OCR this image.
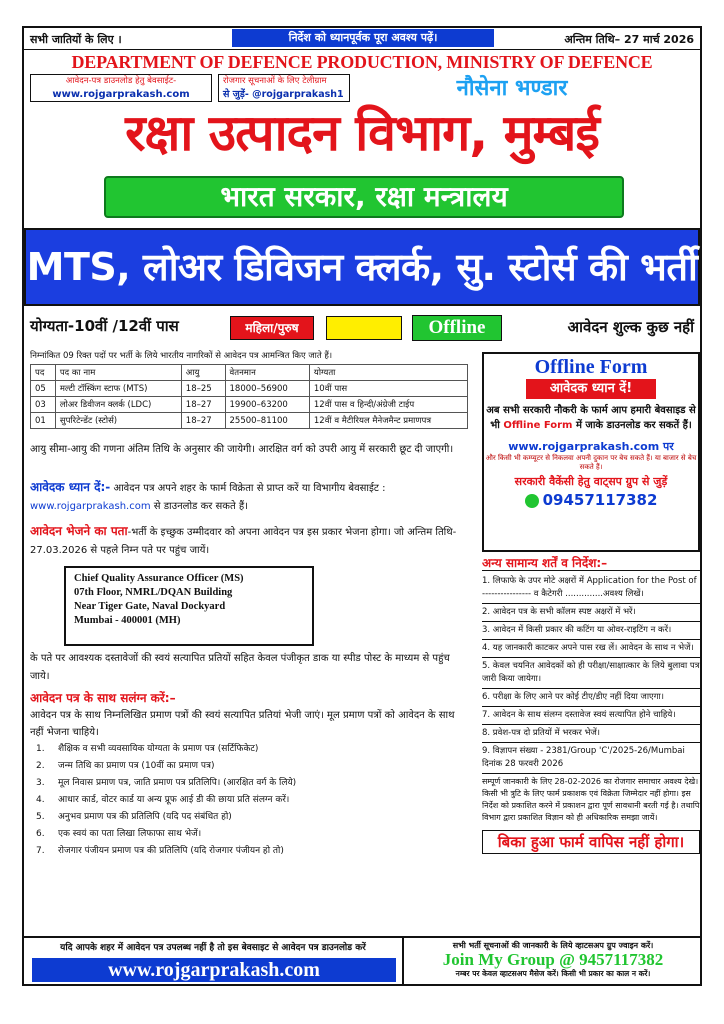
सभी जातियों के लिए ।	निर्देश को ध्यानपूर्वक पूरा अवश्य पढ़ें।	अन्तिम तिथि– 27 मार्च 2026
DEPARTMENT OF DEFENCE PRODUCTION, MINISTRY OF DEFENCE
आवेदन-पत्र डाउनलोड हेतु बेवसाईट-
www.rojgarprakash.com
रोजगार सूचनाओं के लिए टेलीग्राम
से जुड़ें- @rojgarprakash1	नौसेना भण्डार
रक्षा उत्पादन विभाग, मुम्बई
भारत सरकार, रक्षा मन्त्रालय
MTS, लोअर डिविजन क्लर्क, सु. स्टोर्स की भर्ती
योग्यता-10वीं /12वीं पास	महिला/पुरुष	Offline	आवेदन शुल्क कुछ नहीं
निम्नांकित 09 रिक्त पदों पर भर्ती के लिये भारतीय नागरिकों से आवेदन पत्र आमन्त्रित किए जाते हैं।
पद	पद का नाम	आयु	वेतनमान	योग्यता
05	मल्टी टॉस्किंग स्टाफ (MTS)	18–25	18000–56900	10वीं पास
03	लोअर डिवीजन क्लर्क (LDC)	18–27	19900–63200	12वीं पास व हिन्दी/अंग्रेजी टाईप
01	सुपरिटेन्डेंट (स्टोर्स)	18–27	25500–81100	12वीं व मैटीरियल मैनेजमैन्ट प्रमाणपत्र
आयु सीमा-आयु की गणना अंतिम तिथि के अनुसार की जायेगी। आरक्षित वर्ग को उपरी आयु में सरकारी छूट दी जाएगी।
आवेदक ध्यान दें:- आवेदन पत्र अपने शहर के फार्म विक्रेता से प्राप्त करें या विभागीय बेवसाईट : www.rojgarprakash.com से डाउनलोड कर सकते हैं।
आवेदन भेजने का पता-भर्ती के इच्छुक उम्मीदवार को अपना आवेदन पत्र इस प्रकार भेजना होगा। जो अन्तिम तिथि- 27.03.2026 से पहले निम्न पते पर पहुंच जायें।
Chief Quality Assurance Officer (MS)
07th Floor, NMRL/DQAN Building
Near Tiger Gate, Naval Dockyard
Mumbai - 400001 (MH)
के पते पर आवश्यक दस्तावेजों की स्वयं सत्यापित प्रतियों सहित केवल पंजीकृत डाक या स्पीड पोस्ट के माध्यम से पहुंच जाये।
आवेदन पत्र के साथ सलंग्न करें:–
आवेदन पत्र के साथ निम्नलिखित प्रमाण पत्रों की स्वयं सत्यापित प्रतियां भेजी जाएं। मूल प्रमाण पत्रों को आवेदन के साथ नहीं भेजना चाहिये।
1. शैक्षिक व सभी व्यवसायिक योग्यता के प्रमाण पत्र (सर्टिफिकेट)
2. जन्म तिथि का प्रमाण पत्र (10वीं का प्रमाण पत्र)
3. मूल निवास प्रमाण पत्र, जाति प्रमाण पत्र प्रतिलिपि। (आरक्षित वर्ग के लिये)
4. आधार कार्ड, वोटर कार्ड या अन्य प्रूफ आई डी की छाया प्रति संलग्न करें।
5. अनुभव प्रमाण पत्र की प्रतिलिपि (यदि पद संबंधित हो)
6. एक स्वयं का पता लिखा लिफाफा साथ भेजें।
7. रोजगार पंजीयन प्रमाण पत्र की प्रतिलिपि (यदि रोजगार पंजीयन हो तो)
Offline Form
आवेदक ध्यान दें!
अब सभी सरकारी नौकरी के फार्म आप हमारी बेवसाइड से भी Offline Form में जाके डाउनलोड कर सकतें हैं।
www.rojgarprakash.com पर
और किसी भी कम्प्यूटर से निकलवा अपनी दुकान पर बेच सकते हैं। या बाजार से बेच सकते हैं।
सरकारी वैकेंसी हेतु वाट्सप ग्रुप से जुड़ें
09457117382
अन्य सामान्य शर्तें व निर्देश:–
1. लिफाफे के उपर मोटे अक्षरों में Application for the Post of ---------------- व कैटेगरी ..............अवश्य लिखें।
2. आवेदन पत्र के सभी कॉलम स्पष्ट अक्षरों में भरें।
3. आवेदन में किसी प्रकार की कटिंग या ओवर-राइटिंग न करें।
4. यह जानकारी काटकर अपने पास रख लें। आवेदन के साथ न भेजें।
5. केवल चयनित आवेदकों को ही परीक्षा/साक्षात्कार के लिये बुलावा पत्र जारी किया जायेगा।
6. परीक्षा के लिए आने पर कोई टीए/डीए नहीं दिया जाएगा।
7. आवेदन के साथ संलग्न दस्तावेज स्वयं सत्यापित होने चाहिये।
8. प्रवेश-पत्र दो प्रतियों में भरकर भेजें।
9. विज्ञापन संख्या - 2381/Group 'C'/2025-26/Mumbai दिनांक 28 फरवरी 2026
सम्पूर्ण जानकारी के लिए 28-02-2026 का रोजगार समाचार अवश्य देखे। किसी भी त्रुटि के लिए फार्म प्रकाशक एवं विक्रेता जिम्मेदार नहीं होगा। इस निर्देश को प्रकाशित करने में प्रकाशन द्वारा पूर्ण सावधानी बरती गई है। तथापि विभाग द्वारा प्रकाशित विज्ञान को ही अधिकारिक समझा जायें।
बिका हुआ फार्म वापिस नहीं होगा।
यदि आपके शहर में आवेदन पत्र उपलब्ध नहीं है तो इस बेवसाइट से आवेदन पत्र डाउनलोड करें
www.rojgarprakash.com
सभी भर्ती सूचनाओं की जानकारी के लिये व्हाटसअप ग्रुप ज्वाइन करें।
Join My Group @ 9457117382
नम्बर पर केवल व्हाटसअप मैसेज करें। किसी भी प्रकार का काल न करें।
